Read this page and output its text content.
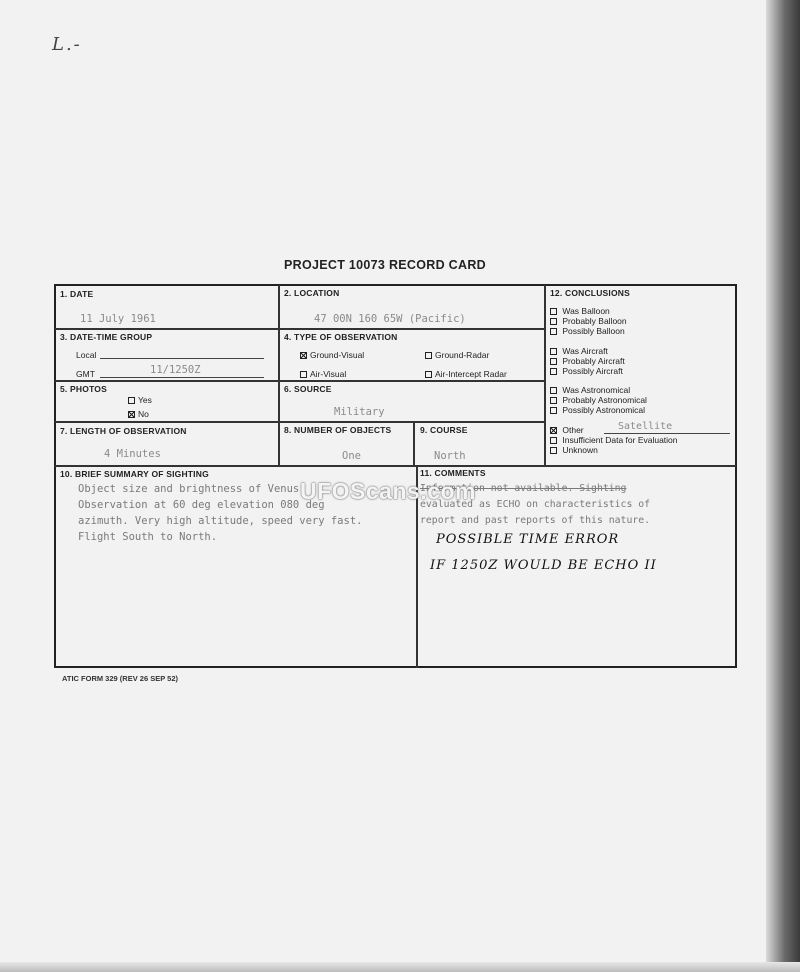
L.-
PROJECT 10073 RECORD CARD
1. DATE
11 July 1961
2. LOCATION
47 00N 160 65W (Pacific)
3. DATE-TIME GROUP
Local
GMT	11/1250Z
4. TYPE OF OBSERVATION
Ground-Visual	Ground-Radar
Air-Visual	Air-Intercept Radar
5. PHOTOS
Yes
No
6. SOURCE
Military
7. LENGTH OF OBSERVATION
4 Minutes
8. NUMBER OF OBJECTS
One
9. COURSE
North
10. BRIEF SUMMARY OF SIGHTING
Object size and brightness of Venus.
Observation at 60 deg elevation 080 deg
azimuth. Very high altitude, speed very fast.
Flight South to North.
11. COMMENTS
Information not available. Sighting
evaluated as ECHO on characteristics of
report and past reports of this nature.
POSSIBLE TIME ERROR
IF 1250Z WOULD BE ECHO II
12. CONCLUSIONS
Was Balloon
Probably Balloon
Possibly Balloon
Was Aircraft
Probably Aircraft
Possibly Aircraft
Was Astronomical
Probably Astronomical
Possibly Astronomical
Other	Satellite
Insufficient Data for Evaluation
Unknown
UFOScans.com
ATIC FORM 329 (REV 26 SEP 52)
